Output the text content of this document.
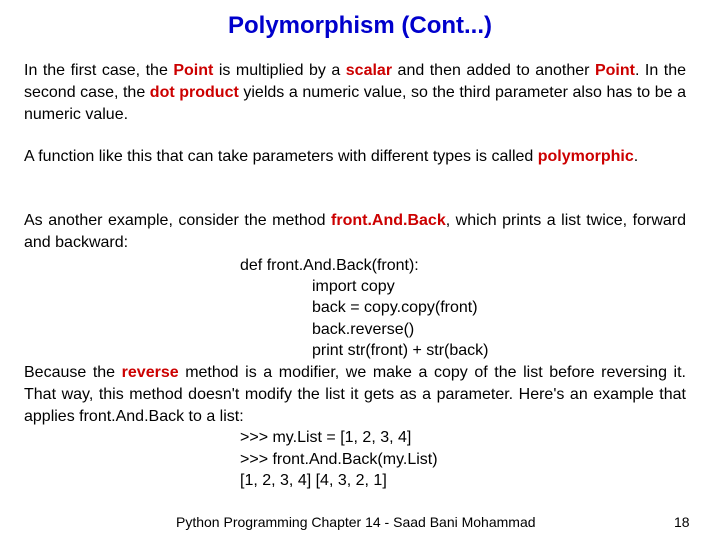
Polymorphism (Cont...)
In the first case, the Point is multiplied by a scalar and then added to another Point. In the second case, the dot product yields a numeric value, so the third parameter also has to be a numeric value.
A function like this that can take parameters with different types is called polymorphic.
As another example, consider the method front.And.Back, which prints a list twice, forward and backward:
def front.And.Back(front):
import copy
back = copy.copy(front)
back.reverse()
print str(front) + str(back)
Because the reverse method is a modifier, we make a copy of the list before reversing it. That way, this method doesn't modify the list it gets as a parameter. Here's an example that applies front.And.Back to a list:
>>> my.List = [1, 2, 3, 4]
>>> front.And.Back(my.List)
[1, 2, 3, 4] [4, 3, 2, 1]
Python Programming Chapter 14 - Saad Bani Mohammad	18
